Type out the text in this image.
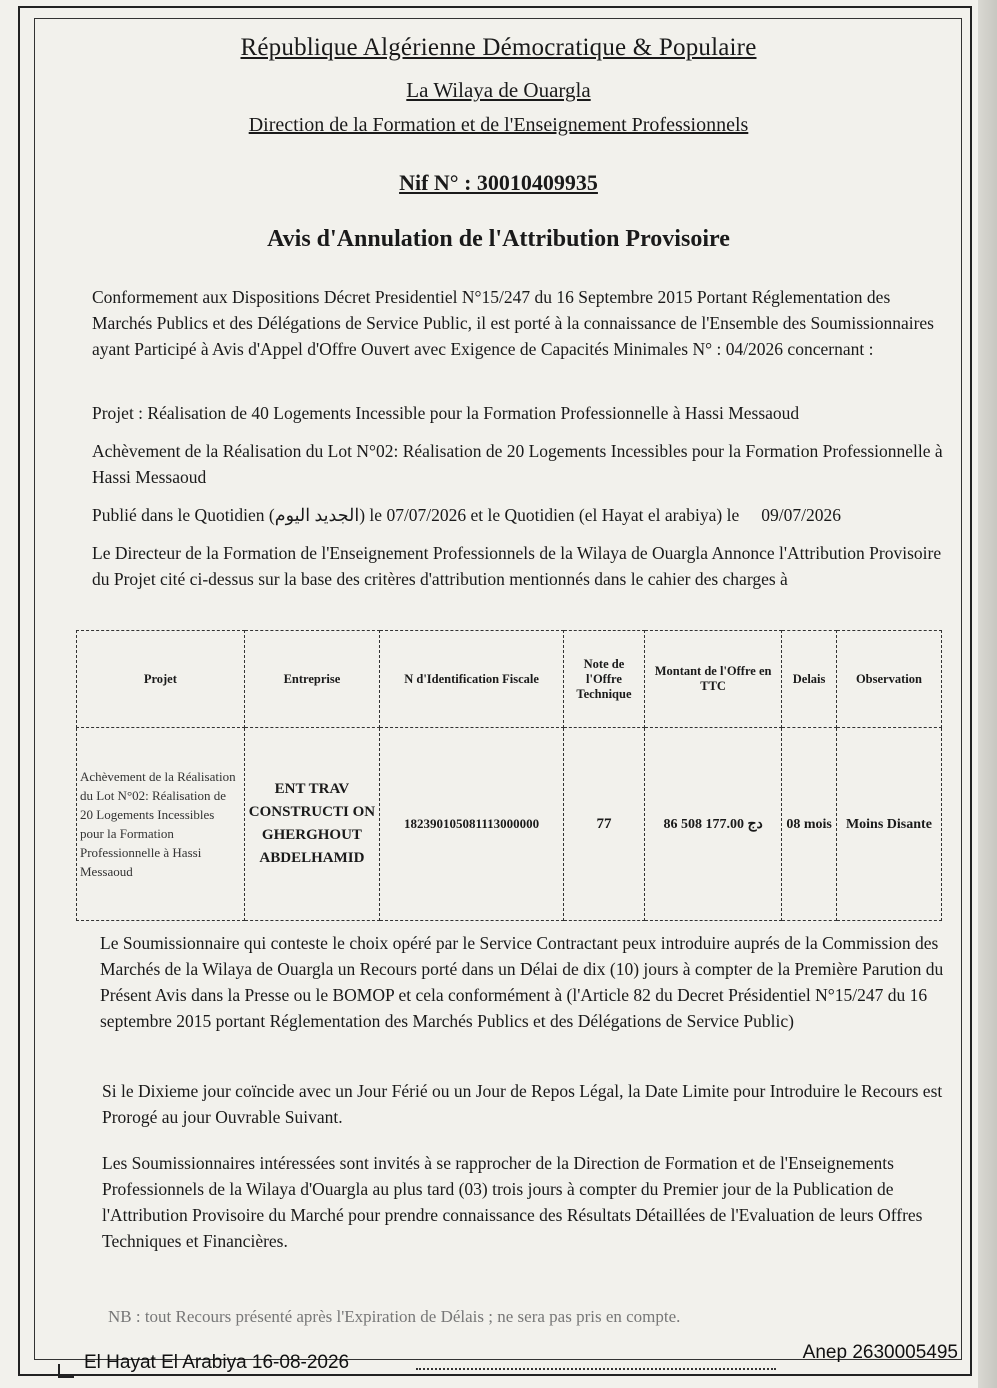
République Algérienne Démocratique & Populaire
La Wilaya de Ouargla
Direction de la Formation et de l'Enseignement Professionnels
Nif N° : 30010409935
Avis d'Annulation de l'Attribution Provisoire
Conformement aux Dispositions Décret Presidentiel N°15/247 du 16 Septembre 2015 Portant Réglementation des Marchés Publics et des Délégations de Service Public, il est porté à la connaissance de l'Ensemble des Soumissionnaires ayant Participé à Avis d'Appel d'Offre Ouvert avec Exigence de Capacités Minimales N° : 04/2026 concernant :
Projet : Réalisation de 40 Logements Incessible pour la Formation Professionnelle à Hassi Messaoud
Achèvement de la Réalisation du Lot N°02: Réalisation de 20 Logements Incessibles pour la Formation Professionnelle à Hassi Messaoud
Publié dans le Quotidien (الجديد اليوم) le 07/07/2026 et le Quotidien (el Hayat el arabiya) le 09/07/2026
Le Directeur de la Formation de l'Enseignement Professionnels de la Wilaya de Ouargla Annonce l'Attribution Provisoire du Projet cité ci-dessus sur la base des critères d'attribution mentionnés dans le cahier des charges à
Projet	Entreprise	N d'Identification Fiscale	Note de l'Offre Technique	Montant de l'Offre en TTC	Delais	Observation
Achèvement de la Réalisation du Lot N°02: Réalisation de 20 Logements Incessibles pour la Formation Professionnelle à Hassi Messaoud	ENT TRAV CONSTRUCTI ON GHERGHOUT ABDELHAMID	182390105081113000000	77	86 508 177.00 دج	08 mois	Moins Disante
Le Soumissionnaire qui conteste le choix opéré par le Service Contractant peux introduire auprés de la Commission des Marchés de la Wilaya de Ouargla un Recours porté dans un Délai de dix (10) jours à compter de la Première Parution du Présent Avis dans la Presse ou le BOMOP et cela conformément à (l'Article 82 du Decret Présidentiel N°15/247 du 16 septembre 2015 portant Réglementation des Marchés Publics et des Délégations de Service Public)
Si le Dixieme jour coïncide avec un Jour Férié ou un Jour de Repos Légal, la Date Limite pour Introduire le Recours est Prorogé au jour Ouvrable Suivant.
Les Soumissionnaires intéressées sont invités à se rapprocher de la Direction de Formation et de l'Enseignements Professionnels de la Wilaya d'Ouargla au plus tard (03) trois jours à compter du Premier jour de la Publication de l'Attribution Provisoire du Marché pour prendre connaissance des Résultats Détaillées de l'Evaluation de leurs Offres Techniques et Financières.
NB : tout Recours présenté après l'Expiration de Délais ; ne sera pas pris en compte.
El Hayat El Arabiya 16-08-2026	Anep 2630005495
